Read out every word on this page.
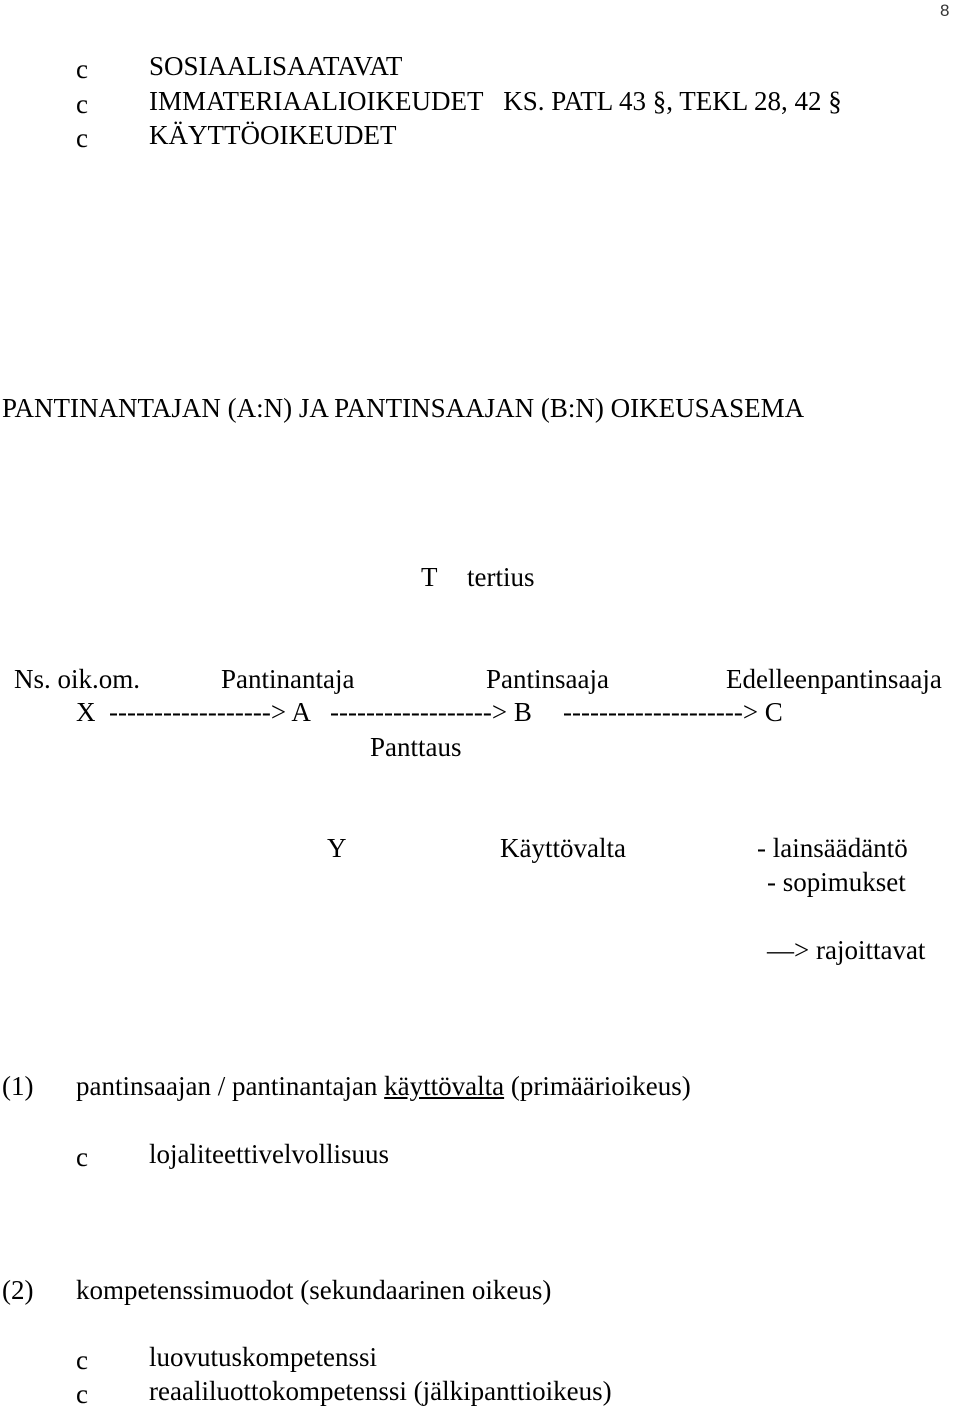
8
c SOSIAALISAATAVAT
c IMMATERIAALIOIKEUDET   KS. PATL 43 §, TEKL 28, 42 §
c KÄYTTÖOIKEUDET
PANTINANTAJAN (A:N) JA PANTINSAAJAN (B:N) OIKEUSASEMA
T tertius
Ns. oik.om.	Pantinantaja	Pantinsaaja	Edelleenpantinsaaja
X ------------------> A ------------------> B --------------------> C
Panttaus
Y	Käyttövalta	- lainsäädäntö
- sopimukset
—> rajoittavat
(1) pantinsaajan / pantinantajan käyttövalta (primäärioikeus)
c lojaliteettivelvollisuus
(2) kompetenssimuodot (sekundaarinen oikeus)
c luovutuskompetenssi
c reaaliluottokompetenssi (jälkipanttioikeus)
